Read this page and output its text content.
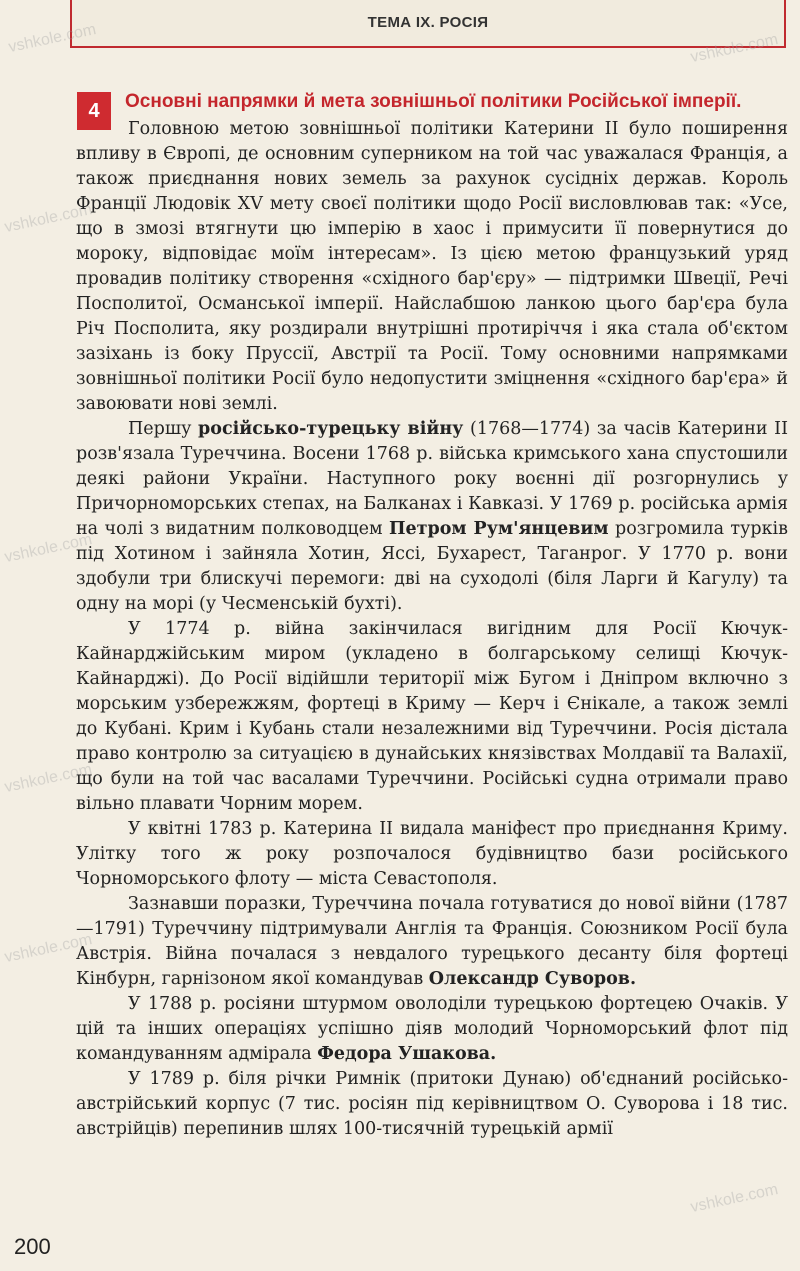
ТЕМА IX. РОСІЯ
vshkole.com
vshkole.com
vshkole.com
vshkole.com
vshkole.com
vshkole.com
vshkole.com
4	Основні напрямки й мета зовнішньої політики Російської імперії.

Головною метою зовнішньої політики Катерини II було поширення впливу в Європі, де основним суперником на той час уважалася Франція, а також приєднання нових земель за рахунок сусідніх держав. Король Франції Людовік XV мету своєї політики щодо Росії висловлював так: «Усе, що в змозі втягнути цю імперію в хаос і примусити її повернутися до мороку, відповідає моїм інтересам». Із цією метою французький уряд провадив політику створення «східного бар'єру» — підтримки Швеції, Речі Посполитої, Османської імперії. Найслабшою ланкою цього бар'єра була Річ Посполита, яку роздирали внутрішні протиріччя і яка стала об'єктом зазіхань із боку Пруссії, Австрії та Росії. Тому основними напрямками зовнішньої політики Росії було недопустити зміцнення «східного бар'єра» й завоювати нові землі.

Першу російсько-турецьку війну (1768—1774) за часів Катерини II розв'язала Туреччина. Восени 1768 р. війська кримського хана спустошили деякі райони України. Наступного року воєнні дії розгорнулись у Причорноморських степах, на Балканах і Кавказі. У 1769 р. російська армія на чолі з видатним полководцем Петром Рум'янцевим розгромила турків під Хотином і зайняла Хотин, Яссі, Бухарест, Таганрог. У 1770 р. вони здобули три блискучі перемоги: дві на суходолі (біля Ларги й Кагулу) та одну на морі (у Чесменській бухті).

У 1774 р. війна закінчилася вигідним для Росії Кючук-Кайнарджійським миром (укладено в болгарському селищі Кючук-Кайнарджі). До Росії відійшли території між Бугом і Дніпром включно з морським узбережжям, фортеці в Криму — Керч і Єнікале, а також землі до Кубані. Крим і Кубань стали незалежними від Туреччини. Росія дістала право контролю за ситуацією в дунайських князівствах Молдавії та Валахії, що були на той час васалами Туреччини. Російські судна отримали право вільно плавати Чорним морем.

У квітні 1783 р. Катерина II видала маніфест про приєднання Криму. Улітку того ж року розпочалося будівництво бази російського Чорноморського флоту — міста Севастополя.

Зазнавши поразки, Туреччина почала готуватися до нової війни (1787—1791) Туреччину підтримували Англія та Франція. Союзником Росії була Австрія. Війна почалася з невдалого турецького десанту біля фортеці Кінбурн, гарнізоном якої командував Олександр Суворов.

У 1788 р. росіяни штурмом оволоділи турецькою фортецею Очаків. У цій та інших операціях успішно діяв молодий Чорноморський флот під командуванням адмірала Федора Ушакова.

У 1789 р. біля річки Римнік (притоки Дунаю) об'єднаний російсько-австрійський корпус (7 тис. росіян під керівництвом О. Суворова і 18 тис. австрійців) перепинив шлях 100-тисячній турецькій армії

200
